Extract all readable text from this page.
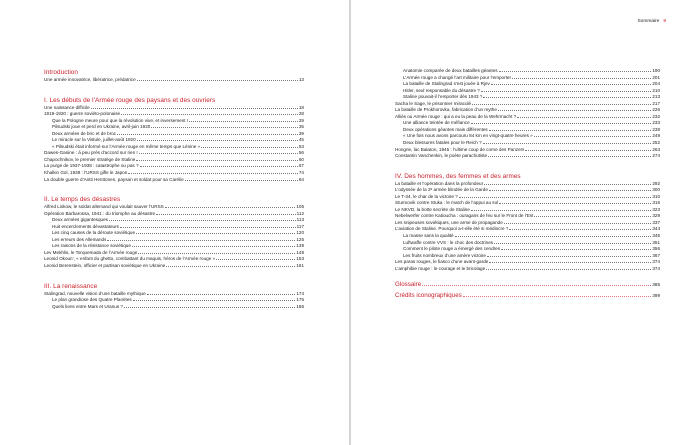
Introduction
Une armée innovatrice, libératrice, prédatrice	13
I. Les débuts de l’Armée rouge des paysans et des ouvriers
Une naissance difficile	18
1919-1920 : guerre soviéto-polonaise	28
Que la Pologne meure pour que la révolution vive, et inversement !	29
Pilsudski joue et perd en Ukraine, avril-juin 1920	35
Deux armées de bric et de broc	39
Le miracle sur la Vistule, juillet-août 1920	45
« Pilsudski était informé sur l’Armée rouge en même temps que Lénine »	53
Dawes-Ganine : à peu près d’accord sur rien !	56
Chapochnikov, le premier stratège de Staline	60
La purge de 1937-1938 : catastrophe ou pas ?	67
Khalkin Gol, 1939 : l’URSS gifle le Japon	74
La double guerre d’Antti Henttonen, paysan et soldat pour sa Carélie	84
II. Le temps des désastres
Alfred Liskow, le soldat allemand qui voulait sauver l’URSS	106
Opération Barbarossa, 1941 : du triomphe au désastre	112
Deux armées gigantesques	113
Huit encerclements dévastateurs	117
Les cinq causes de la déroute soviétique	120
Les erreurs des Allemands	125
Les raisons de la résistance soviétique	138
Lev Mekhlis, le Torquemada de l’Armée rouge	148
Leonid Okoun’, « enfant du ghetto, combattant du maquis, héros de l’Armée rouge »	153
Leonid Berenstein, officier et partisan soviétique en Ukraine	161
III. La renaissance
Stalingrad, nouvelle vision d’une bataille mythique	174
Le plan grandiose des Quatre Planètes	175
Quels liens entre Mars et Uranus ?	186
Sommaire 9
Anatomie comparée de deux batailles géantes	190
L’Armée rouge a changé l’art militaire pour l’emporter	201
La bataille de Stalingrad s’est jouée à Rjev	204
Hitler, seul responsable du désastre ?	210
Staline pouvait-il l’emporter dès 1943 ?	213
Sacha le Sage, le prisonnier miraculé	217
La bataille de Prokhorovka, fabrication d’un mythe	226
Alliés ou Armée rouge : qui a eu la peau de la Wehrmacht ?	232
Une alliance teintée de méfiance	233
Deux opérations géantes mais différentes	238
« Une fois nous avons parcouru 84 km en vingt-quatre heures »	249
Deux blessures fatales pour le Reich ?	252
Hongrie, lac Balaton, 1945 : l’ultime coup de corne des Panzers	263
Constantin Vanchenkin, le poète parachutiste	274
IV. Des hommes, des femmes et des armes
La bataille et l’opération dans la profondeur	292
L’odyssée de la 2ᵉ armée blindée de la Garde	300
Le T-34, le char de la victoire ?	310
Sturmovik contre Stuka : le match de l’appui au sol	316
Le NKVD, la botte secrète de Staline	323
Nebelwerfer contre Katioucha : ouragans de feu sur le Front de l’Est	329
Les snipeuses soviétiques, une arme de propagande	337
L’aviation de Staline. Pourquoi a-t-elle été si médiocre ?	344
La masse sans la qualité	345
Luftwaffe contre VVS : le choc des doctrines	351
Comment le pilote rouge a émergé des cendres	356
Les fruits nombreux d’une amère victoire	367
Les paras rouges, le fiasco d’une avant-garde	374
L’amphibie rouge : le courage et le bricolage	374
Glossaire	385
Crédits iconographiques	399
